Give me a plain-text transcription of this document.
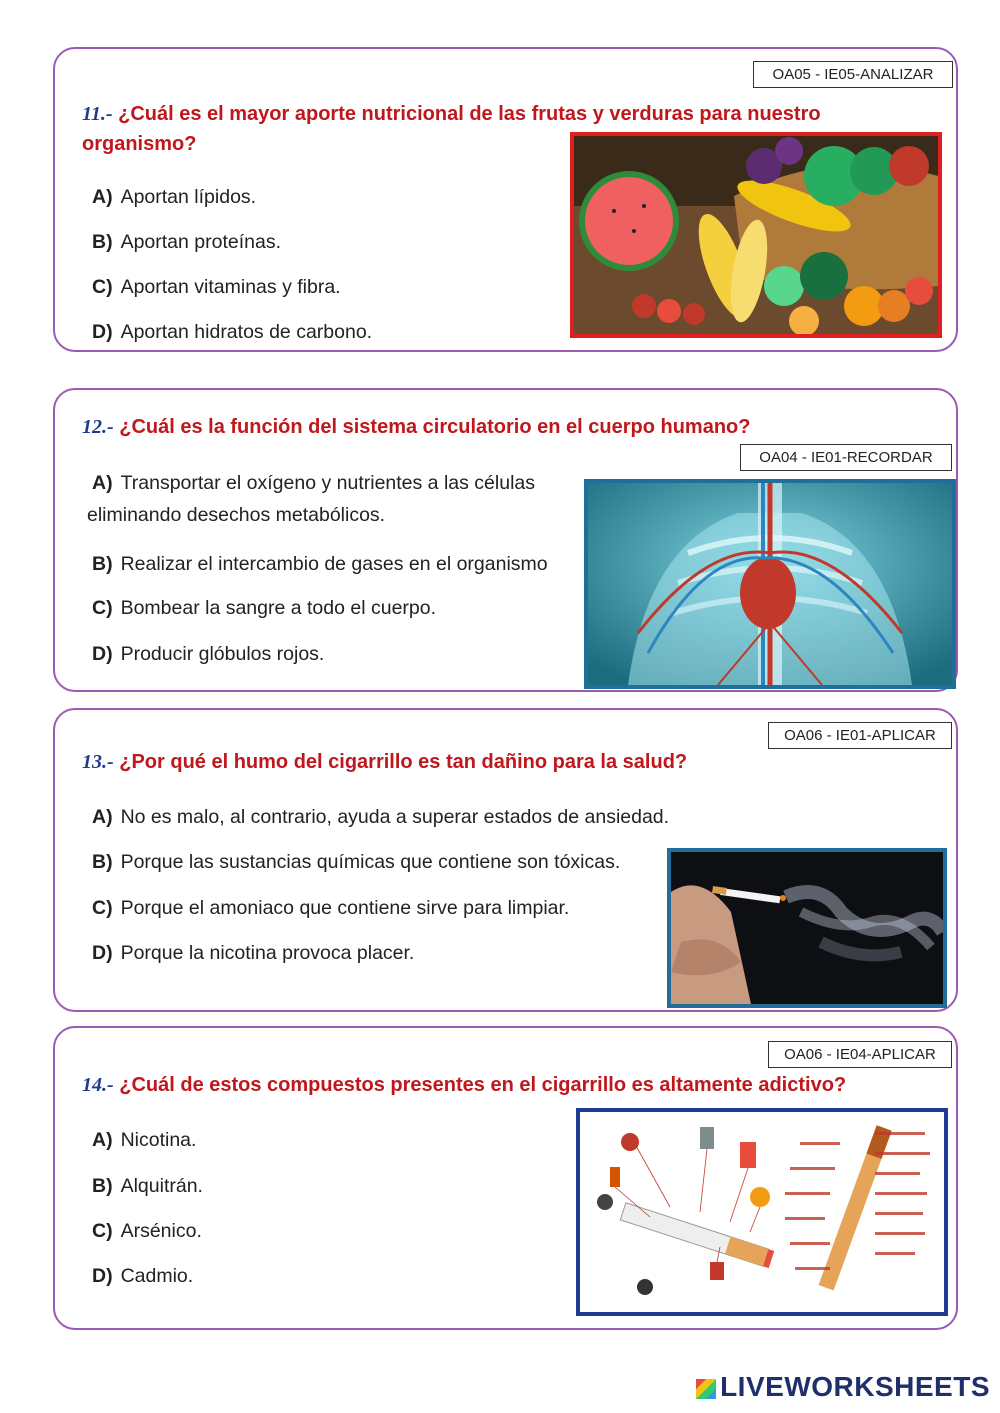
OA05 - IE05-ANALIZAR
11.- ¿Cuál es el mayor aporte nutricional de las frutas y verduras para nuestro organismo?
A) Aportan lípidos.
B) Aportan proteínas.
C) Aportan vitaminas y fibra.
D) Aportan hidratos de carbono.
12.- ¿Cuál es la función del sistema circulatorio en el cuerpo humano?
OA04 - IE01-RECORDAR
A) Transportar el oxígeno y nutrientes a las células
eliminando desechos metabólicos.
B) Realizar el intercambio de gases en el organismo
C) Bombear la sangre a todo el cuerpo.
D) Producir glóbulos rojos.
OA06 - IE01-APLICAR
13.- ¿Por qué el humo del cigarrillo es tan dañino para la salud?
A) No es malo, al contrario, ayuda a superar estados de ansiedad.
B) Porque las sustancias químicas que contiene son tóxicas.
C) Porque el amoniaco que contiene sirve para limpiar.
D) Porque la nicotina provoca placer.
OA06 - IE04-APLICAR
14.- ¿Cuál de estos compuestos presentes en el cigarrillo es altamente adictivo?
A) Nicotina.
B) Alquitrán.
C) Arsénico.
D) Cadmio.
LIVEWORKSHEETS
